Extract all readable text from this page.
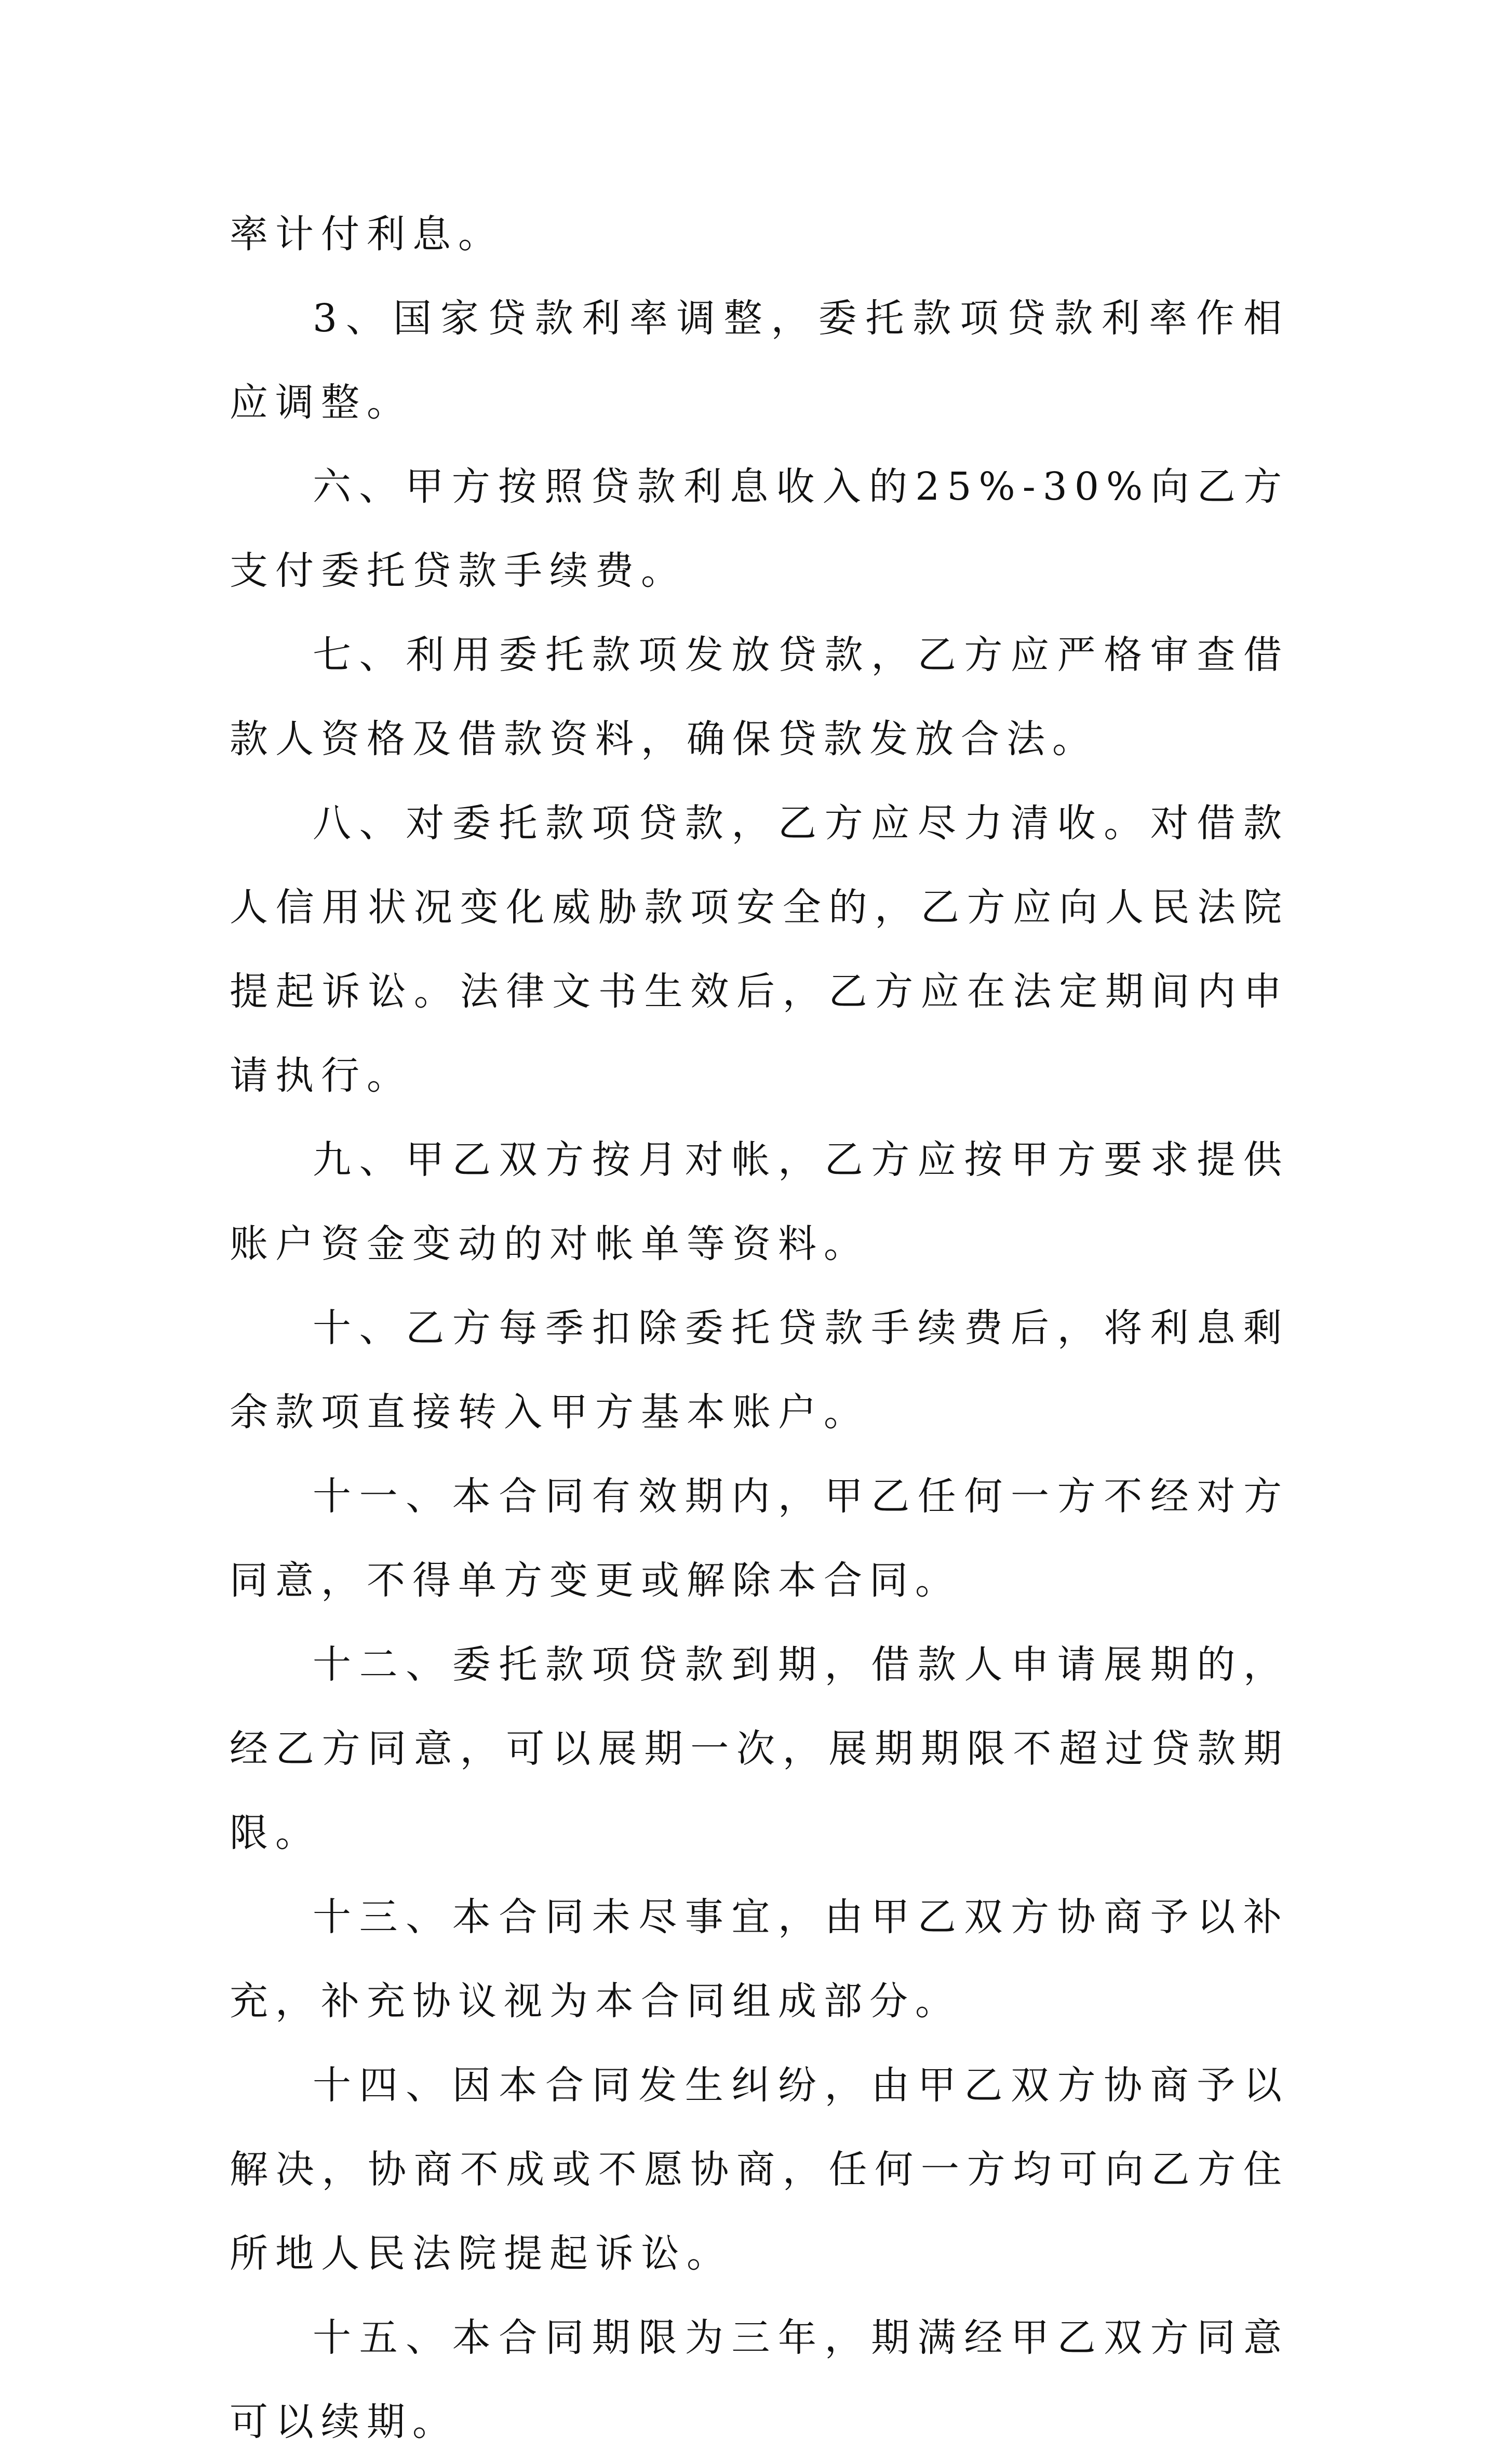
率计付利息。

3、国家贷款利率调整，委托款项贷款利率作相应调整。

六、甲方按照贷款利息收入的25%-30%向乙方支付委托贷款手续费。

七、利用委托款项发放贷款，乙方应严格审查借款人资格及借款资料，确保贷款发放合法。

八、对委托款项贷款，乙方应尽力清收。对借款人信用状况变化威胁款项安全的，乙方应向人民法院提起诉讼。法律文书生效后，乙方应在法定期间内申请执行。

九、甲乙双方按月对帐，乙方应按甲方要求提供账户资金变动的对帐单等资料。

十、乙方每季扣除委托贷款手续费后，将利息剩余款项直接转入甲方基本账户。

十一、本合同有效期内，甲乙任何一方不经对方同意，不得单方变更或解除本合同。

十二、委托款项贷款到期，借款人申请展期的，经乙方同意，可以展期一次，展期期限不超过贷款期限。

十三、本合同未尽事宜，由甲乙双方协商予以补充，补充协议视为本合同组成部分。

十四、因本合同发生纠纷，由甲乙双方协商予以解决，协商不成或不愿协商，任何一方均可向乙方住所地人民法院提起诉讼。

十五、本合同期限为三年，期满经甲乙双方同意可以续期。
